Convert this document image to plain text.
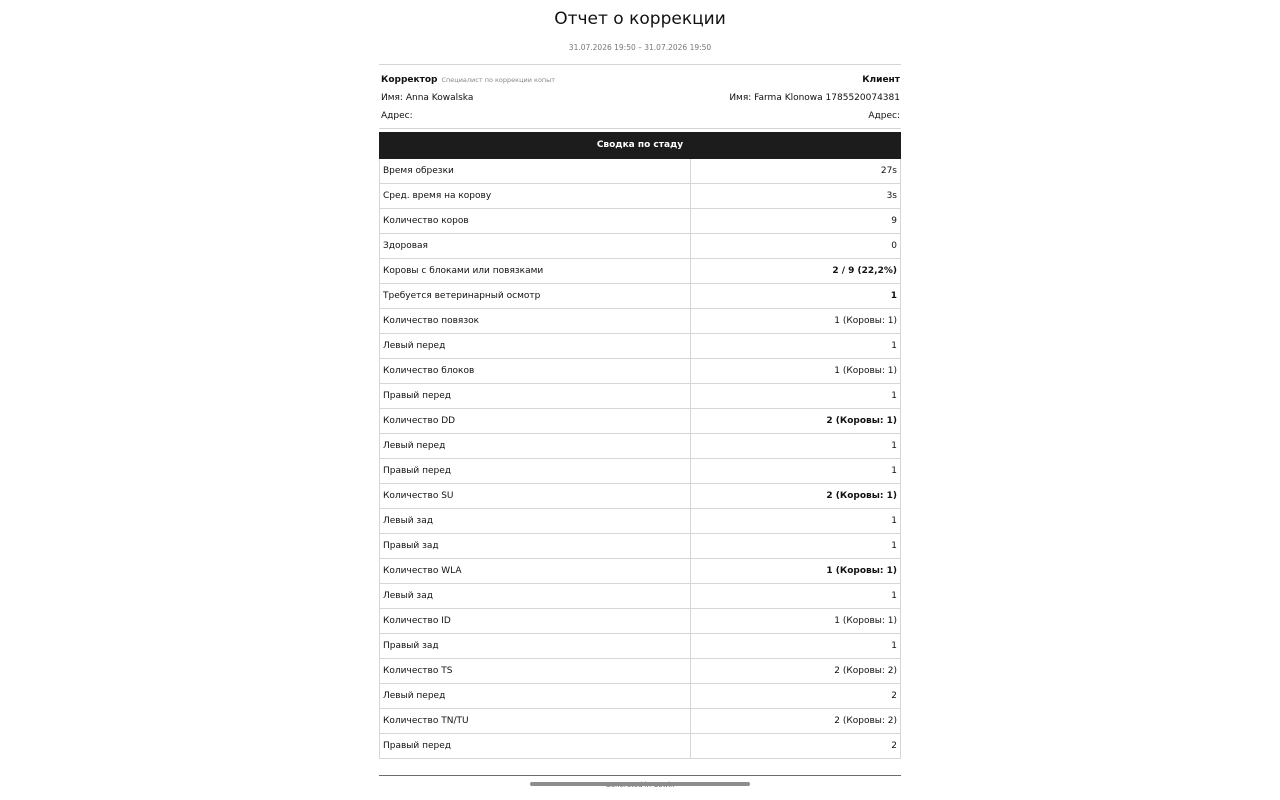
Отчет о коррекции
31.07.2026 19:50 – 31.07.2026 19:50
Корректор Специалист по коррекции копыт	Клиент
Имя: Anna Kowalska	Имя: Farma Klonowa 1785520074381
Адрес:	Адрес:
Сводка по стаду
Время обрезки	27s
Сред. время на корову	3s
Количество коров	9
Здоровая	0
Коровы с блоками или повязками	2 / 9 (22,2%)
Требуется ветеринарный осмотр	1
Количество повязок	1 (Коровы: 1)
Левый перед	1
Количество блоков	1 (Коровы: 1)
Правый перед	1
Количество DD	2 (Коровы: 1)
Левый перед	1
Правый перед	1
Количество SU	2 (Коровы: 1)
Левый зад	1
Правый зад	1
Количество WLA	1 (Коровы: 1)
Левый зад	1
Количество ID	1 (Коровы: 1)
Правый зад	1
Количество TS	2 (Коровы: 2)
Левый перед	2
Количество TN/TU	2 (Коровы: 2)
Правый перед	2
